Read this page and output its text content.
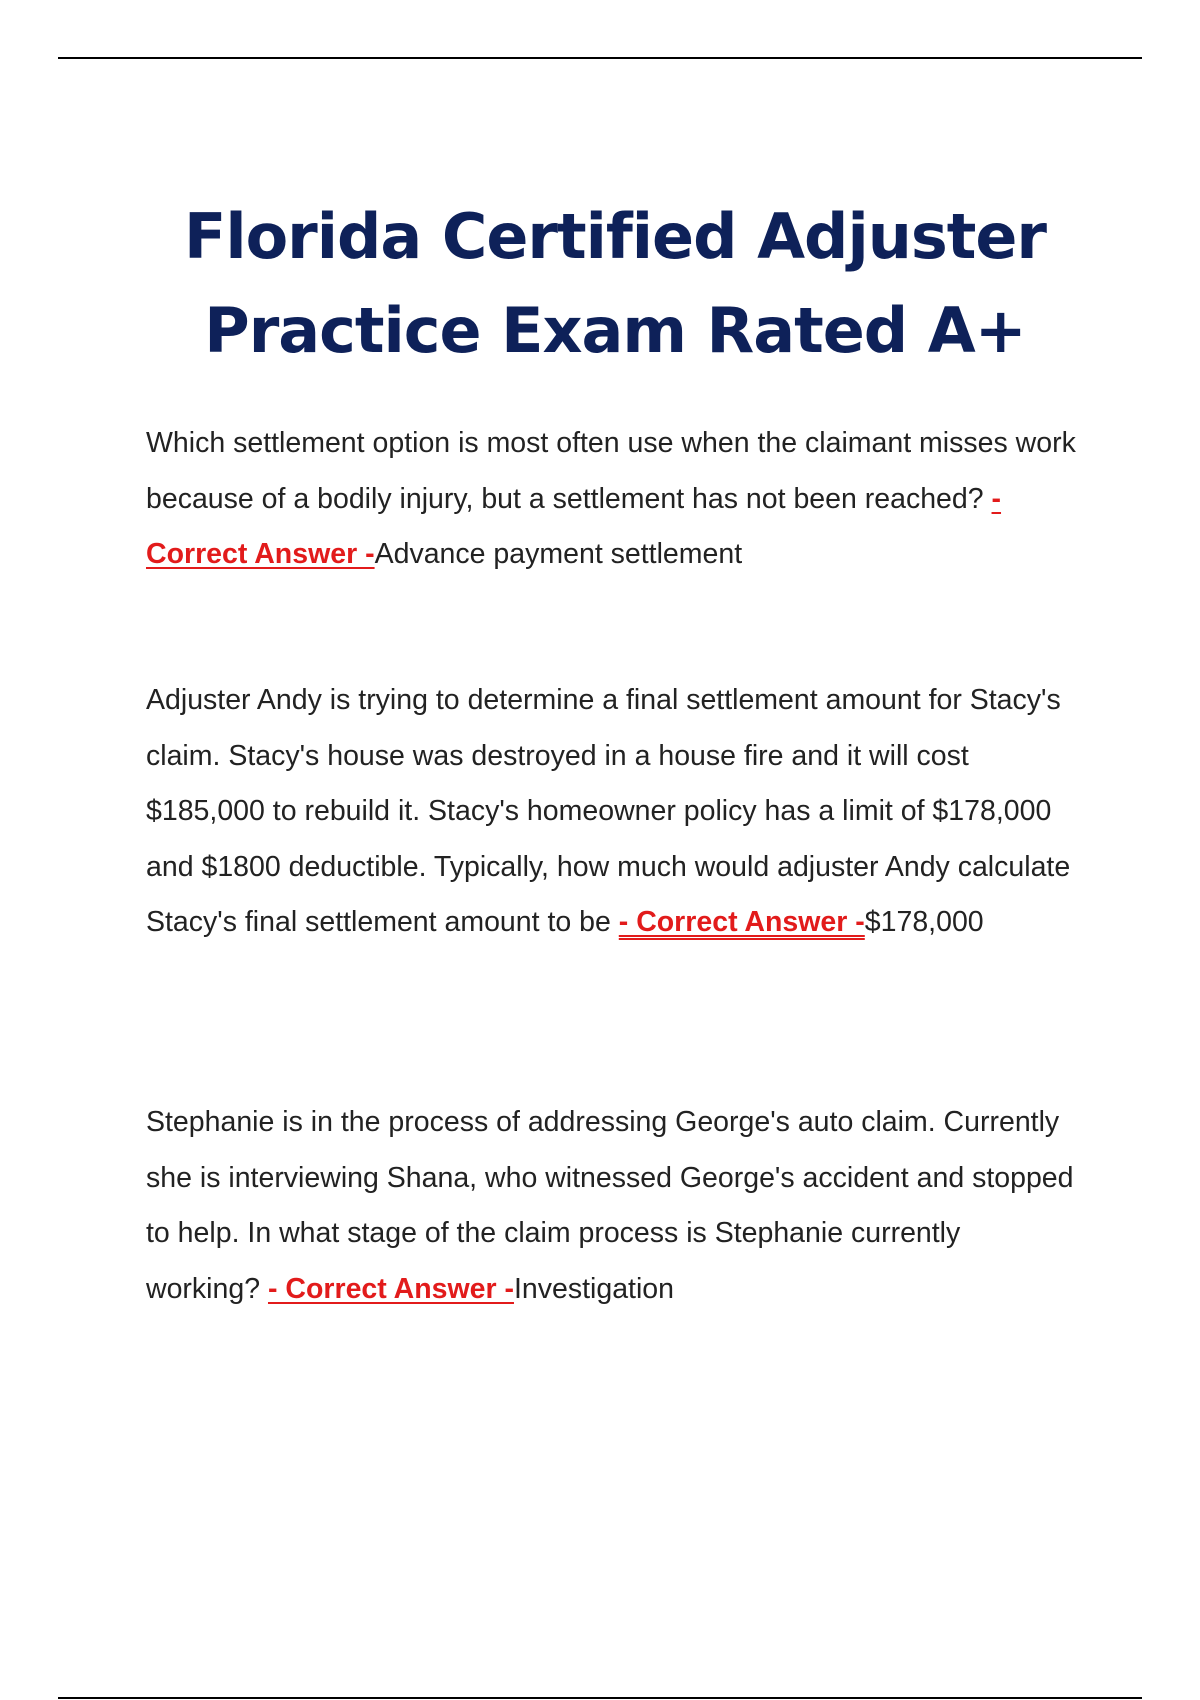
Florida Certified Adjuster
Practice Exam Rated A+

Which settlement option is most often use when the claimant misses work because of a bodily injury, but a settlement has not been reached? - Correct Answer -Advance payment settlement

Adjuster Andy is trying to determine a final settlement amount for Stacy's claim. Stacy's house was destroyed in a house fire and it will cost $185,000 to rebuild it. Stacy's homeowner policy has a limit of $178,000 and $1800 deductible. Typically, how much would adjuster Andy calculate Stacy's final settlement amount to be - Correct Answer -$178,000

Stephanie is in the process of addressing George's auto claim. Currently she is interviewing Shana, who witnessed George's accident and stopped to help. In what stage of the claim process is Stephanie currently working? - Correct Answer -Investigation
